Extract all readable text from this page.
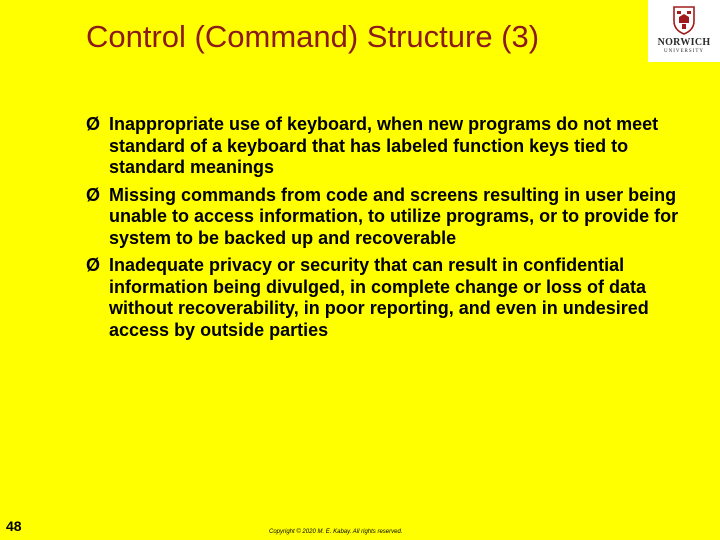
Control (Command) Structure (3)	NORWICH
UNIVERSITY
Ø Inappropriate use of keyboard, when new programs do not meet standard of a keyboard that has labeled function keys tied to standard meanings
Ø Missing commands from code and screens resulting in user being unable to access information, to utilize programs, or to provide for system to be backed up and recoverable
Ø Inadequate privacy or security that can result in confidential information being divulged, in complete change or loss of data without recoverability, in poor reporting, and even in undesired access by outside parties
48	Copyright © 2020 M. E. Kabay. All rights reserved.
